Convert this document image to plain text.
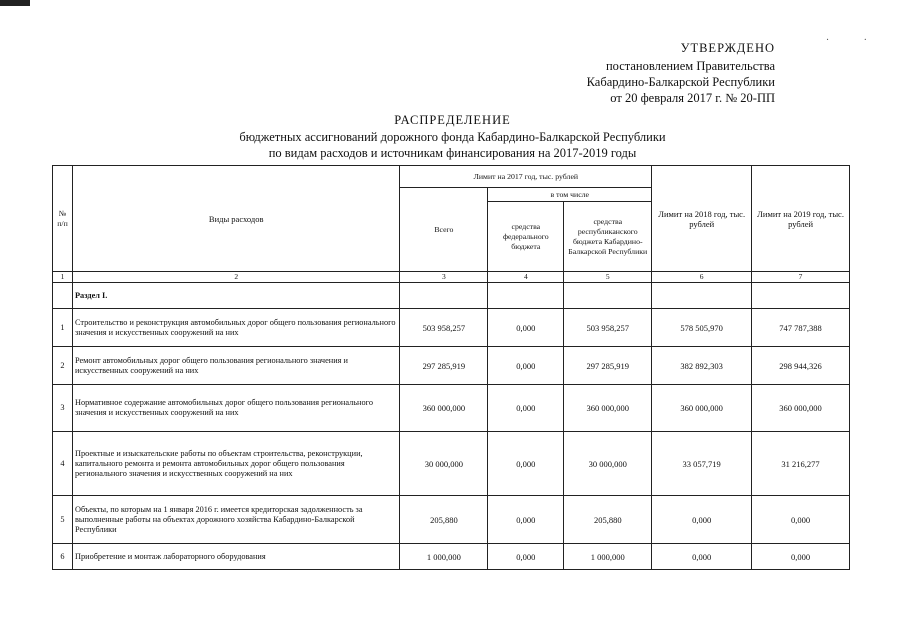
· ·
УТВЕРЖДЕНО
постановлением Правительства
Кабардино-Балкарской Республики
от 20 февраля 2017 г. № 20-ПП
РАСПРЕДЕЛЕНИЕ
бюджетных ассигнований дорожного фонда Кабардино-Балкарской Республики
по видам расходов и источникам финансирования на 2017-2019 годы
№ п/п	Виды расходов	Лимит на 2017 год, тыс. рублей			Лимит на 2018 год, тыс. рублей	Лимит на 2019 год, тыс. рублей
		Всего	в том числе			
			средства федерального бюджета	средства республиканского бюджета Кабардино-Балкарской Республики		
1	2	3	4	5	6	7
	Раздел I.					
1	Строительство и реконструкция автомобильных дорог общего пользования регионального значения и искусственных сооружений на них	503 958,257	0,000	503 958,257	578 505,970	747 787,388
2	Ремонт автомобильных дорог общего пользования регионального значения и искусственных сооружений на них	297 285,919	0,000	297 285,919	382 892,303	298 944,326
3	Нормативное содержание автомобильных дорог общего пользования регионального значения и искусственных сооружений на них	360 000,000	0,000	360 000,000	360 000,000	360 000,000
4	Проектные и изыскательские работы по объектам строительства, реконструкции, капитального ремонта и ремонта автомобильных дорог общего пользования регионального значения и искусственных сооружений на них	30 000,000	0,000	30 000,000	33 057,719	31 216,277
5	Объекты, по которым на 1 января 2016 г. имеется кредиторская задолженность за выполненные работы на объектах дорожного хозяйства Кабардино-Балкарской Республики	205,880	0,000	205,880	0,000	0,000
6	Приобретение и монтаж лабораторного оборудования	1 000,000	0,000	1 000,000	0,000	0,000
